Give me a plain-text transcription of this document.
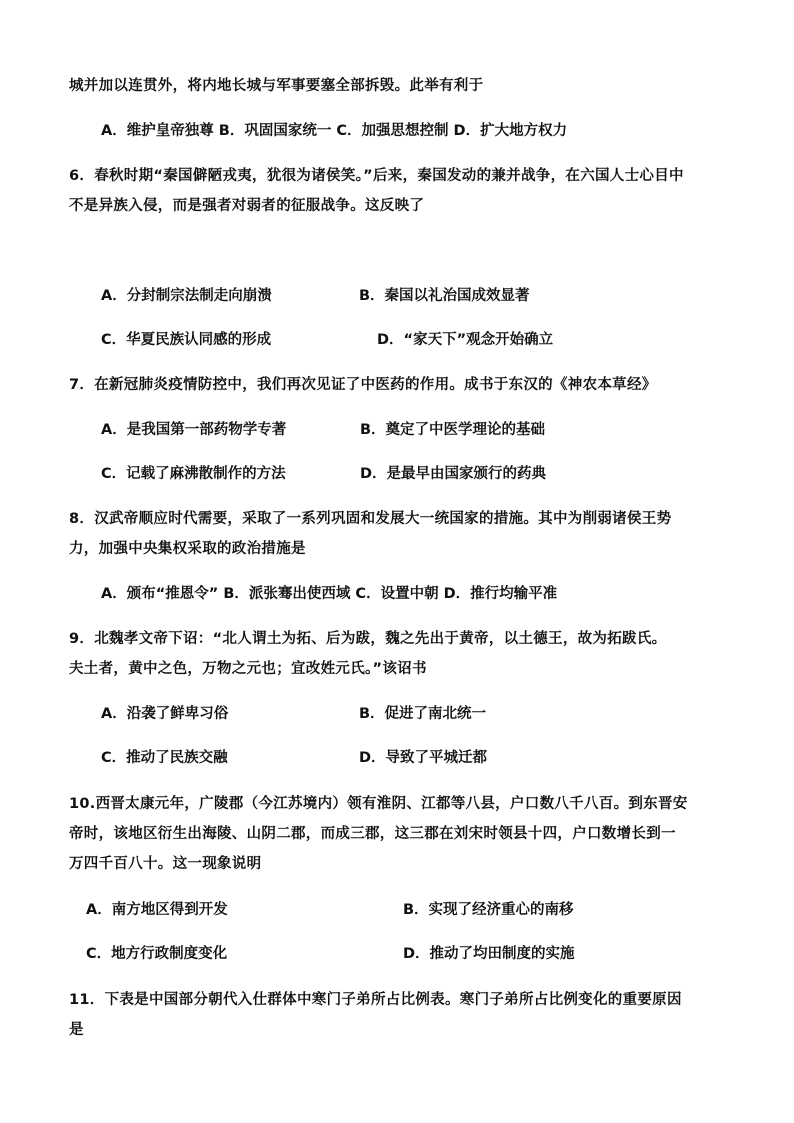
城并加以连贯外，将内地长城与军事要塞全部拆毁。此举有利于
A．维护皇帝独尊 B．巩固国家统一 C．加强思想控制 D．扩大地方权力
6．春秋时期“秦国僻陋戎夷，犹很为诸侯笑。”后来，秦国发动的兼并战争，在六国人士心目中
不是异族入侵，而是强者对弱者的征服战争。这反映了
A．分封制宗法制走向崩溃	B．秦国以礼治国成效显著
C．华夏民族认同感的形成	D．“家天下”观念开始确立
7．在新冠肺炎疫情防控中，我们再次见证了中医药的作用。成书于东汉的《神农本草经》
A．是我国第一部药物学专著	B．奠定了中医学理论的基础
C．记载了麻沸散制作的方法	D．是最早由国家颁行的药典
8．汉武帝顺应时代需要，采取了一系列巩固和发展大一统国家的措施。其中为削弱诸侯王势
力，加强中央集权采取的政治措施是
A．颁布“推恩令” B．派张骞出使西域 C．设置中朝 D．推行均输平准
9．北魏孝文帝下诏：“北人谓土为拓、后为跋，魏之先出于黄帝，以土德王，故为拓跋氏。
夫土者，黄中之色，万物之元也；宜改姓元氏。”该诏书
A．沿袭了鲜卑习俗	B．促进了南北统一
C．推动了民族交融	D．导致了平城迁都
10.西晋太康元年，广陵郡（今江苏境内）领有淮阴、江都等八县，户口数八千八百。到东晋安
帝时，该地区衍生出海陵、山阴二郡，而成三郡，这三郡在刘宋时领县十四，户口数增长到一
万四千百八十。这一现象说明
A．南方地区得到开发	B．实现了经济重心的南移
C．地方行政制度变化	D．推动了均田制度的实施
11．下表是中国部分朝代入仕群体中寒门子弟所占比例表。寒门子弟所占比例变化的重要原因
是
